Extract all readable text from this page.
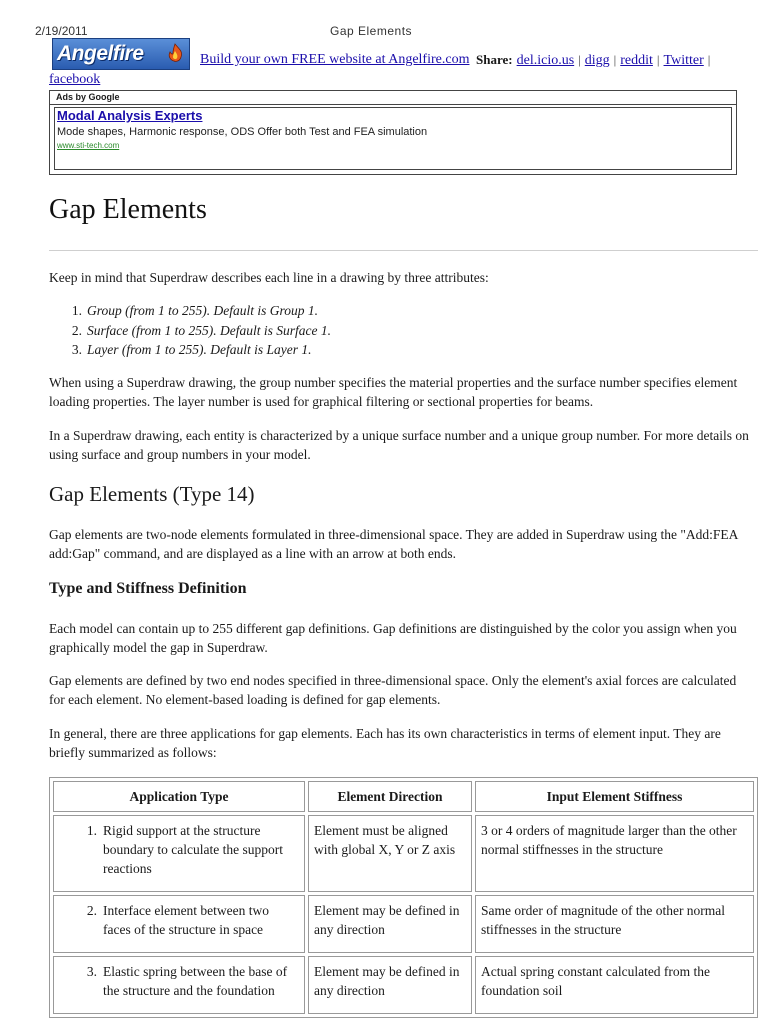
2/19/2011	Gap Elements
Angelfire	Build your own FREE website at Angelfire.com Share: del.icio.us | digg | reddit | Twitter |
facebook
Ads by Google
Modal Analysis Experts
Mode shapes, Harmonic response, ODS Offer both Test and FEA simulation
www.sti-tech.com
Gap Elements

Keep in mind that Superdraw describes each line in a drawing by three attributes:

1. Group (from 1 to 255). Default is Group 1.
2. Surface (from 1 to 255). Default is Surface 1.
3. Layer (from 1 to 255). Default is Layer 1.

When using a Superdraw drawing, the group number specifies the material properties and the surface number specifies element loading properties. The layer number is used for graphical filtering or sectional properties for beams.

In a Superdraw drawing, each entity is characterized by a unique surface number and a unique group number. For more details on using surface and group numbers in your model.

Gap Elements (Type 14)

Gap elements are two-node elements formulated in three-dimensional space. They are added in Superdraw using the "Add:FEA add:Gap" command, and are displayed as a line with an arrow at both ends.

Type and Stiffness Definition

Each model can contain up to 255 different gap definitions. Gap definitions are distinguished by the color you assign when you graphically model the gap in Superdraw.

Gap elements are defined by two end nodes specified in three-dimensional space. Only the element's axial forces are calculated for each element. No element-based loading is defined for gap elements.

In general, there are three applications for gap elements. Each has its own characteristics in terms of element input. They are briefly summarized as follows:

Application Type	Element Direction	Input Element Stiffness

1. Rigid support at the structure boundary to calculate the support reactions	Element must be aligned with global X, Y or Z axis	3 or 4 orders of magnitude larger than the other normal stiffnesses in the structure

2. Interface element between two faces of the structure in space	Element may be defined in any direction	Same order of magnitude of the other normal stiffnesses in the structure

3. Elastic spring between the base of the structure and the foundation	Element may be defined in any direction	Actual spring constant calculated from the foundation soil
